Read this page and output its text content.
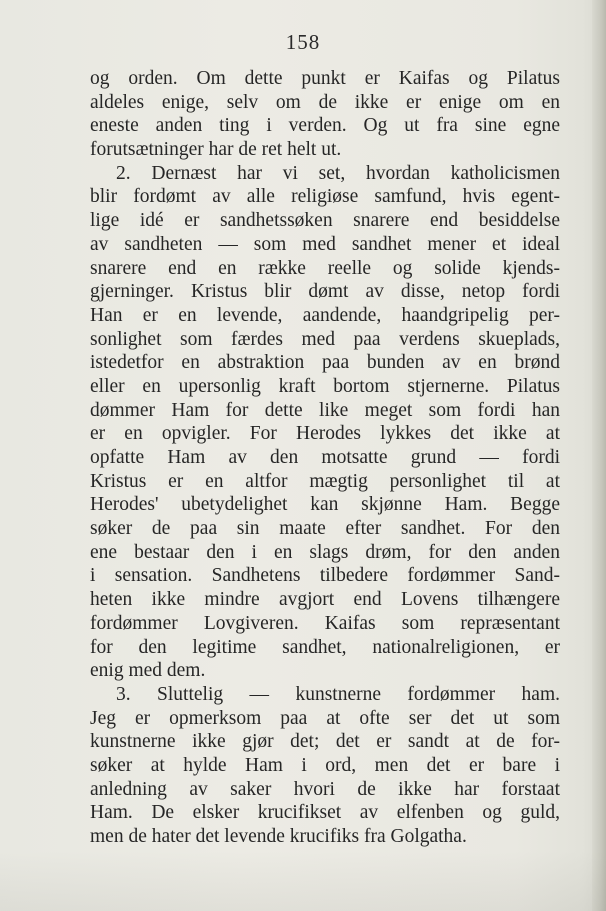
158
og orden. Om dette punkt er Kaifas og Pilatus
aldeles enige, selv om de ikke er enige om en
eneste anden ting i verden. Og ut fra sine egne
forutsætninger har de ret helt ut.
2. Dernæst har vi set, hvordan katholicismen
blir fordømt av alle religiøse samfund, hvis egent-
lige idé er sandhetssøken snarere end besiddelse
av sandheten — som med sandhet mener et ideal
snarere end en række reelle og solide kjends-
gjerninger. Kristus blir dømt av disse, netop fordi
Han er en levende, aandende, haandgripelig per-
sonlighet som færdes med paa verdens skueplads,
istedetfor en abstraktion paa bunden av en brønd
eller en upersonlig kraft bortom stjernerne. Pilatus
dømmer Ham for dette like meget som fordi han
er en opvigler. For Herodes lykkes det ikke at
opfatte Ham av den motsatte grund — fordi
Kristus er en altfor mægtig personlighet til at
Herodes' ubetydelighet kan skjønne Ham. Begge
søker de paa sin maate efter sandhet. For den
ene bestaar den i en slags drøm, for den anden
i sensation. Sandhetens tilbedere fordømmer Sand-
heten ikke mindre avgjort end Lovens tilhængere
fordømmer Lovgiveren. Kaifas som repræsentant
for den legitime sandhet, nationalreligionen, er
enig med dem.
3. Sluttelig — kunstnerne fordømmer ham.
Jeg er opmerksom paa at ofte ser det ut som
kunstnerne ikke gjør det; det er sandt at de for-
søker at hylde Ham i ord, men det er bare i
anledning av saker hvori de ikke har forstaat
Ham. De elsker krucifikset av elfenben og guld,
men de hater det levende krucifiks fra Golgatha.
